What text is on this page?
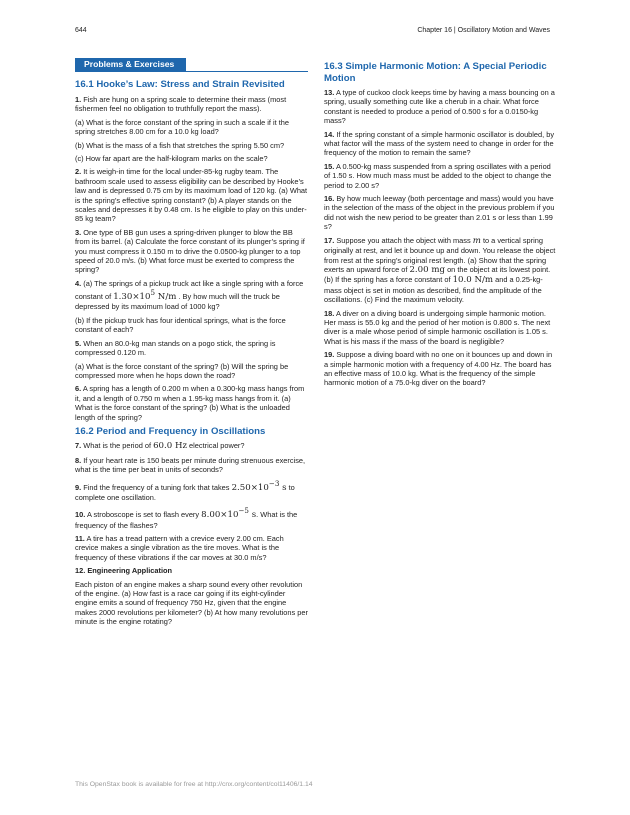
644	Chapter 16 | Oscillatory Motion and Waves
Problems & Exercises
16.1 Hooke’s Law: Stress and Strain Revisited

1. Fish are hung on a spring scale to determine their mass (most fishermen feel no obligation to truthfully report the mass).

(a) What is the force constant of the spring in such a scale if it the spring stretches 8.00 cm for a 10.0 kg load?

(b) What is the mass of a fish that stretches the spring 5.50 cm?

(c) How far apart are the half-kilogram marks on the scale?

2. It is weigh-in time for the local under-85-kg rugby team. The bathroom scale used to assess eligibility can be described by Hooke’s law and is depressed 0.75 cm by its maximum load of 120 kg. (a) What is the spring’s effective spring constant? (b) A player stands on the scales and depresses it by 0.48 cm. Is he eligible to play on this under-85 kg team?

3. One type of BB gun uses a spring-driven plunger to blow the BB from its barrel. (a) Calculate the force constant of its plunger’s spring if you must compress it 0.150 m to drive the 0.0500-kg plunger to a top speed of 20.0 m/s. (b) What force must be exerted to compress the spring?

4. (a) The springs of a pickup truck act like a single spring with a force constant of $1.30\times 10^5$ N/m . By how much will the truck be depressed by its maximum load of 1000 kg?

(b) If the pickup truck has four identical springs, what is the force constant of each?

5. When an 80.0-kg man stands on a pogo stick, the spring is compressed 0.120 m.

(a) What is the force constant of the spring? (b) Will the spring be compressed more when he hops down the road?

6. A spring has a length of 0.200 m when a 0.300-kg mass hangs from it, and a length of 0.750 m when a 1.95-kg mass hangs from it. (a) What is the force constant of the spring? (b) What is the unloaded length of the spring?

16.2 Period and Frequency in Oscillations

7. What is the period of 60.0 Hz electrical power?

8. If your heart rate is 150 beats per minute during strenuous exercise, what is the time per beat in units of seconds?

9. Find the frequency of a tuning fork that takes $2.50\times 10^{-3}$ s to complete one oscillation.

10. A stroboscope is set to flash every $8.00\times 10^{-5}$ s. What is the frequency of the flashes?

11. A tire has a tread pattern with a crevice every 2.00 cm. Each crevice makes a single vibration as the tire moves. What is the frequency of these vibrations if the car moves at 30.0 m/s?

12. Engineering Application

Each piston of an engine makes a sharp sound every other revolution of the engine. (a) How fast is a race car going if its eight-cylinder engine emits a sound of frequency 750 Hz, given that the engine makes 2000 revolutions per kilometer? (b) At how many revolutions per minute is the engine rotating?

16.3 Simple Harmonic Motion: A Special Periodic Motion

13. A type of cuckoo clock keeps time by having a mass bouncing on a spring, usually something cute like a cherub in a chair. What force constant is needed to produce a period of 0.500 s for a 0.0150-kg mass?

14. If the spring constant of a simple harmonic oscillator is doubled, by what factor will the mass of the system need to change in order for the frequency of the motion to remain the same?

15. A 0.500-kg mass suspended from a spring oscillates with a period of 1.50 s. How much mass must be added to the object to change the period to 2.00 s?

16. By how much leeway (both percentage and mass) would you have in the selection of the mass of the object in the previous problem if you did not wish the new period to be greater than 2.01 s or less than 1.99 s?

17. Suppose you attach the object with mass m to a vertical spring originally at rest, and let it bounce up and down. You release the object from rest at the spring’s original rest length. (a) Show that the spring exerts an upward force of 2.00 mg on the object at its lowest point. (b) If the spring has a force constant of 10.0 N/m and a 0.25-kg-mass object is set in motion as described, find the amplitude of the oscillations. (c) Find the maximum velocity.

18. A diver on a diving board is undergoing simple harmonic motion. Her mass is 55.0 kg and the period of her motion is 0.800 s. The next diver is a male whose period of simple harmonic oscillation is 1.05 s. What is his mass if the mass of the board is negligible?

19. Suppose a diving board with no one on it bounces up and down in a simple harmonic motion with a frequency of 4.00 Hz. The board has an effective mass of 10.0 kg. What is the frequency of the simple harmonic motion of a 75.0-kg diver on the board?

This OpenStax book is available for free at http://cnx.org/content/col11406/1.14
